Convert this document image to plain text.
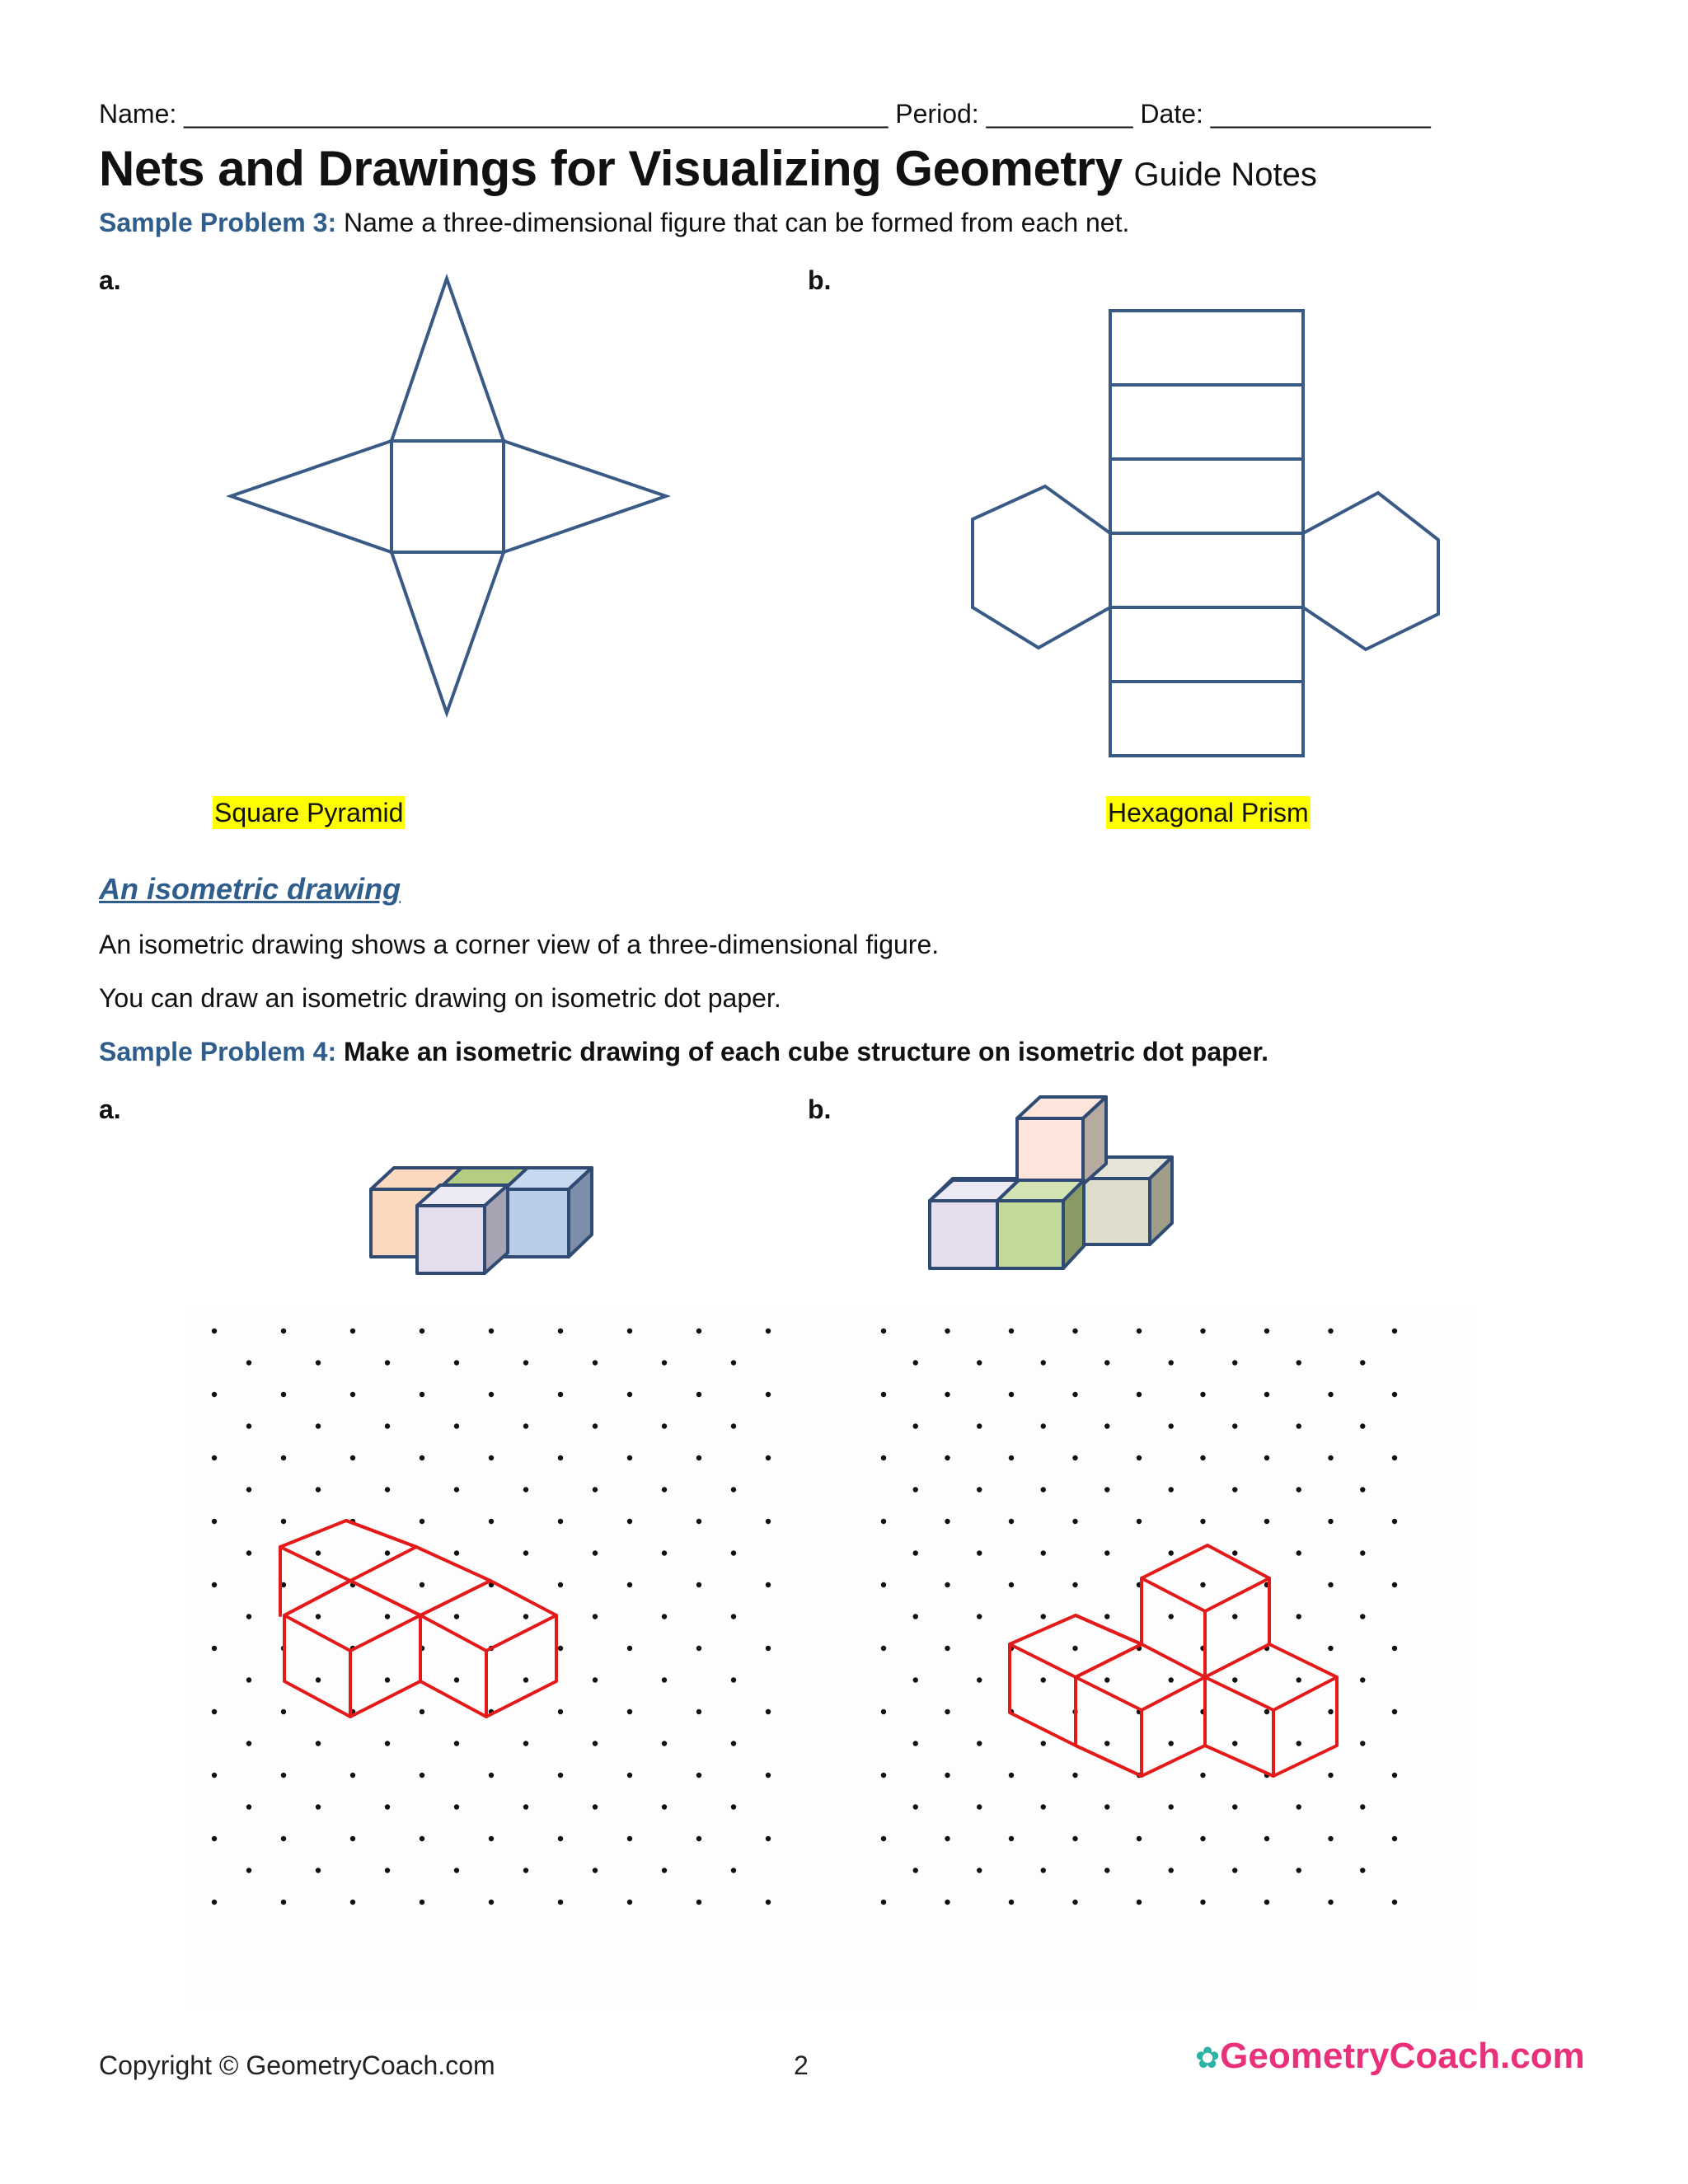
Name: ________________________________________________ Period: __________ Date: _______________
Nets and Drawings for Visualizing Geometry Guide Notes
Sample Problem 3: Name a three-dimensional figure that can be formed from each net.
a.	b.
Square Pyramid	Hexagonal Prism
An isometric drawing
An isometric drawing shows a corner view of a three-dimensional figure.
You can draw an isometric drawing on isometric dot paper.
Sample Problem 4: Make an isometric drawing of each cube structure on isometric dot paper.
a.	b.
Copyright © GeometryCoach.com	2	✿GeometryCoach.com
